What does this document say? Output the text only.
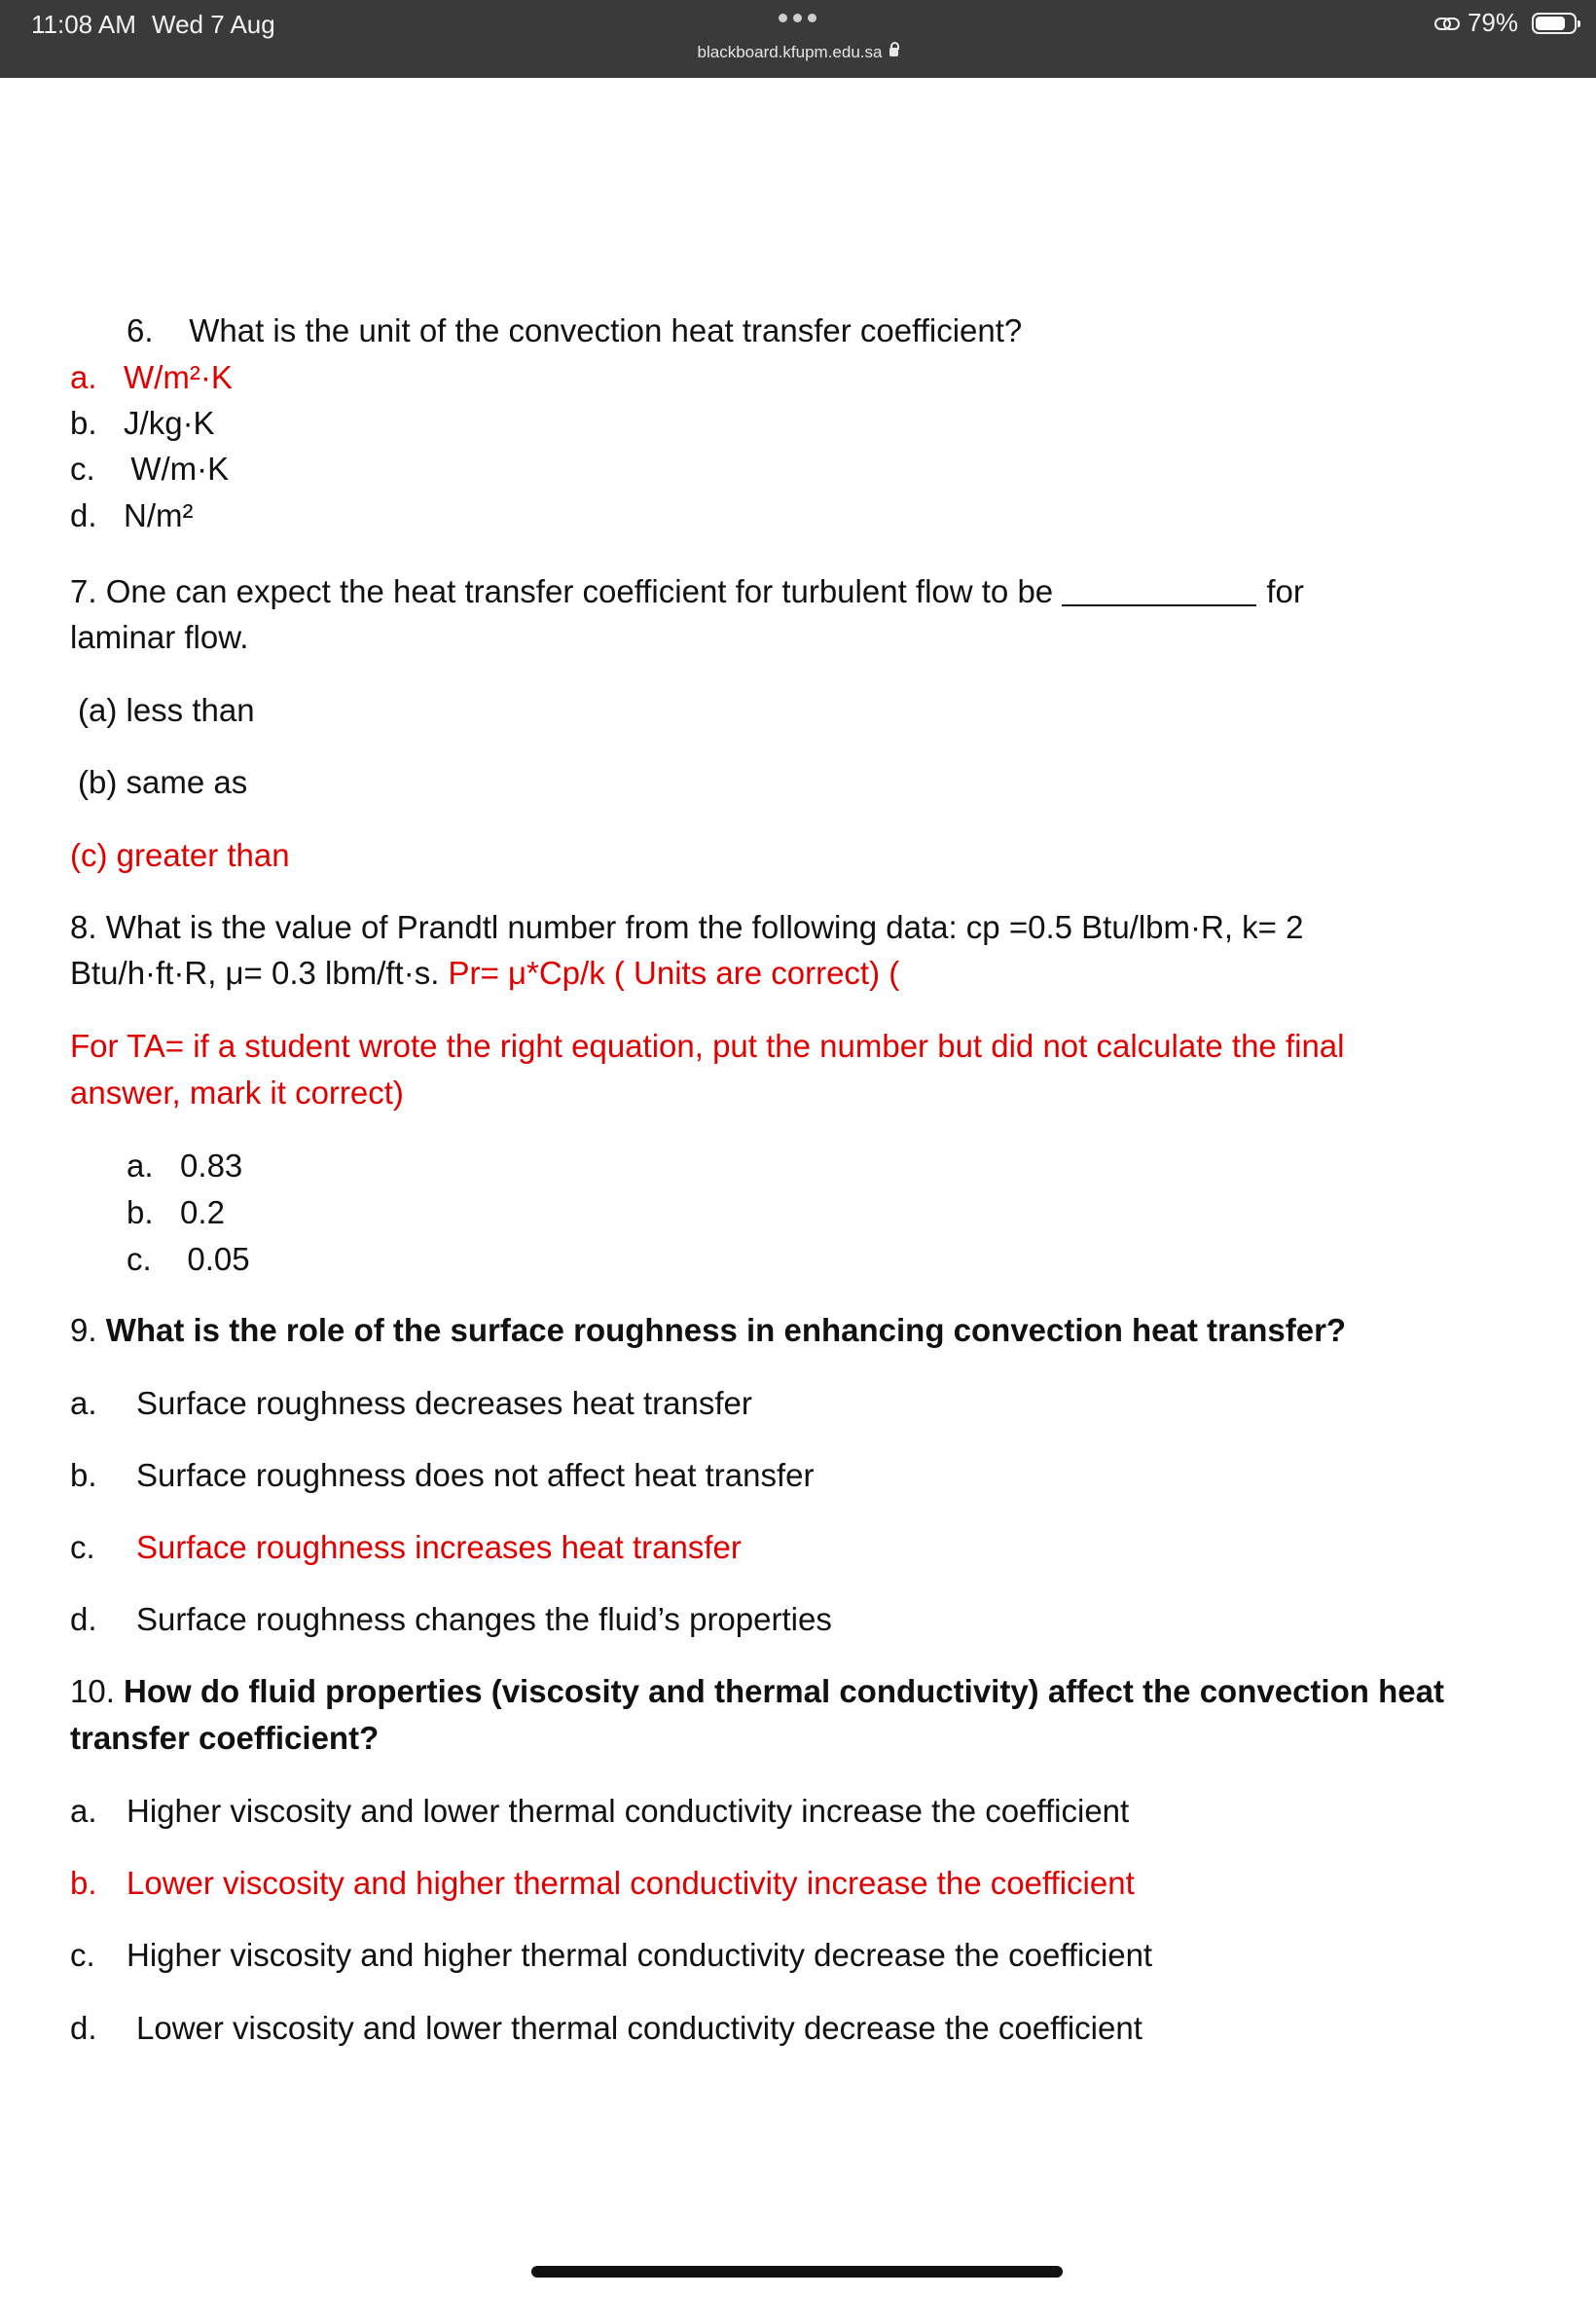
11:08 AM Wed 7 Aug
blackboard.kfupm.edu.sa
79%
6. What is the unit of the convection heat transfer coefficient?
a. W/m²·K
b. J/kg·K
c. W/m·K
d. N/m²
7. One can expect the heat transfer coefficient for turbulent flow to be	for
laminar flow.
(a) less than
(b) same as
(c) greater than
8. What is the value of Prandtl number from the following data: cp =0.5 Btu/lbm·R, k= 2
Btu/h·ft·R, μ= 0.3 lbm/ft·s. Pr= μ*Cp/k ( Units are correct) (
For TA= if a student wrote the right equation, put the number but did not calculate the final
answer, mark it correct)
a. 0.83
b. 0.2
c. 0.05
9. What is the role of the surface roughness in enhancing convection heat transfer?
a. Surface roughness decreases heat transfer
b. Surface roughness does not affect heat transfer
c. Surface roughness increases heat transfer
d. Surface roughness changes the fluid’s properties
10. How do fluid properties (viscosity and thermal conductivity) affect the convection heat
transfer coefficient?
a. Higher viscosity and lower thermal conductivity increase the coefficient
b. Lower viscosity and higher thermal conductivity increase the coefficient
c. Higher viscosity and higher thermal conductivity decrease the coefficient
d. Lower viscosity and lower thermal conductivity decrease the coefficient
